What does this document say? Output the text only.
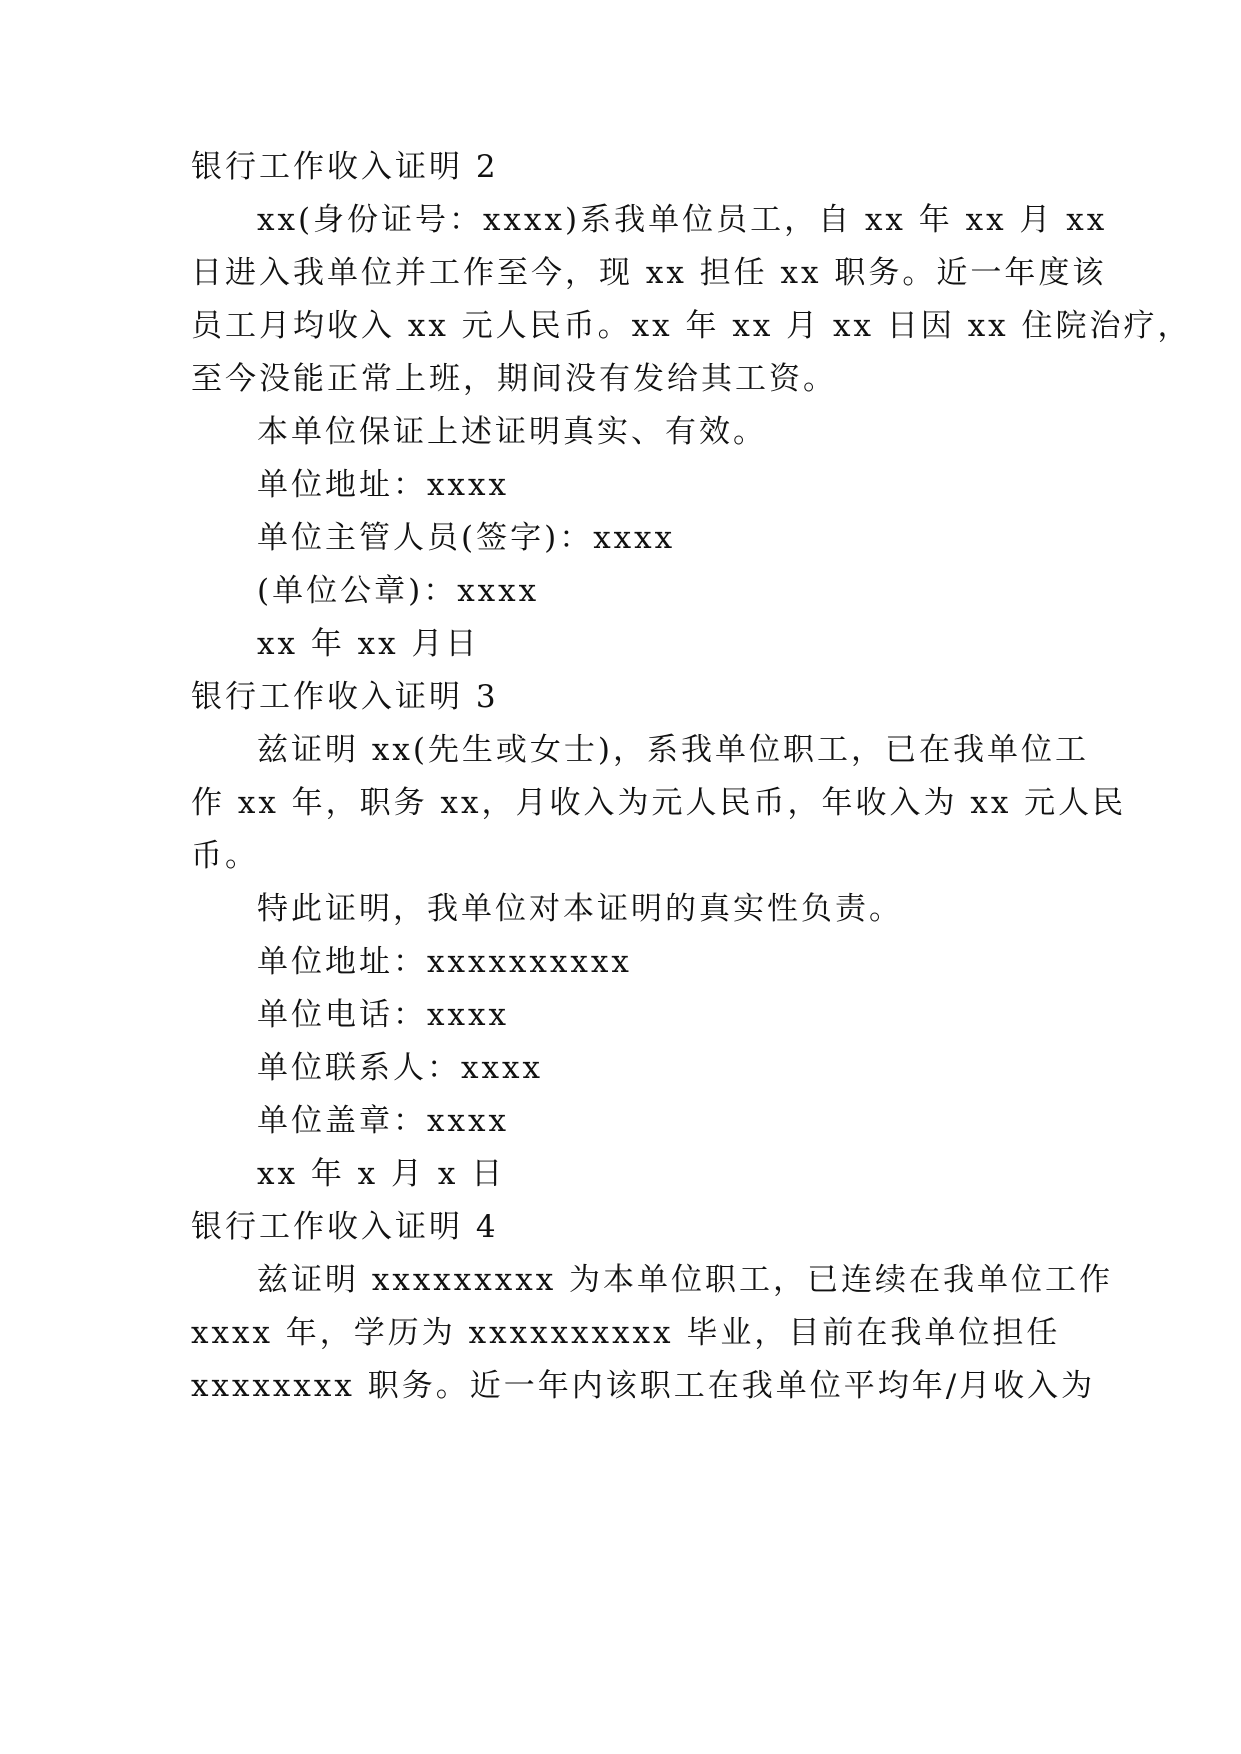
银行工作收入证明 2
xx(身份证号：xxxx)系我单位员工，自 xx 年 xx 月 xx
日进入我单位并工作至今，现 xx 担任 xx 职务。近一年度该
员工月均收入 xx 元人民币。xx 年 xx 月 xx 日因 xx 住院治疗，
至今没能正常上班，期间没有发给其工资。
本单位保证上述证明真实、有效。
单位地址：xxxx
单位主管人员(签字)：xxxx
(单位公章)：xxxx
xx 年 xx 月日
银行工作收入证明 3
兹证明 xx(先生或女士)，系我单位职工，已在我单位工
作 xx 年，职务 xx，月收入为元人民币，年收入为 xx 元人民
币。
特此证明，我单位对本证明的真实性负责。
单位地址：xxxxxxxxxx
单位电话：xxxx
单位联系人：xxxx
单位盖章：xxxx
xx 年 x 月 x 日
银行工作收入证明 4
兹证明 xxxxxxxxx 为本单位职工，已连续在我单位工作
xxxx 年，学历为 xxxxxxxxxx 毕业，目前在我单位担任
xxxxxxxx 职务。近一年内该职工在我单位平均年/月收入为
